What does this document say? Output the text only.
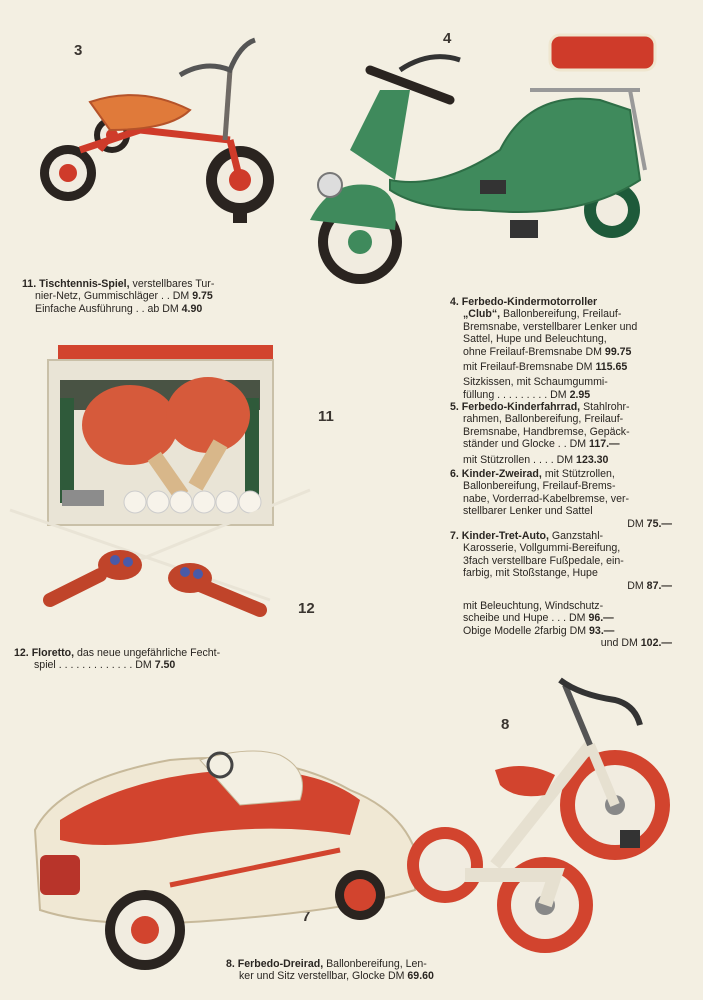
3
4
11
12
8
7
11. Tischtennis-Spiel, verstellbares Tur-
nier-Netz, Gummischläger . . DM 9.75
Einfache Ausführung . . ab DM 4.90
12. Floretto, das neue ungefährliche Fecht-
spiel . . . . . . . . . . . . . DM 7.50
4. Ferbedo-Kindermotorroller
„Club“, Ballonbereifung, Freilauf-
Bremsnabe, verstellbarer Lenker und
Sattel, Hupe und Beleuchtung,
ohne Freilauf-Bremsnabe DM 99.75
mit Freilauf-Bremsnabe DM 115.65
Sitzkissen, mit Schaumgummi-
füllung . . . . . . . . . DM 2.95
5. Ferbedo-Kinderfahrrad, Stahlrohr-
rahmen, Ballonbereifung, Freilauf-
Bremsnabe, Handbremse, Gepäck-
ständer und Glocke . . DM 117.—
mit Stützrollen . . . . DM 123.30
6. Kinder-Zweirad, mit Stützrollen,
Ballonbereifung, Freilauf-Brems-
nabe, Vorderrad-Kabelbremse, ver-
stellbarer Lenker und Sattel
DM 75.—
7. Kinder-Tret-Auto, Ganzstahl-
Karosserie, Vollgummi-Bereifung,
3fach verstellbare Fußpedale, ein-
farbig, mit Stoßstange, Hupe
DM 87.—
mit Beleuchtung, Windschutz-
scheibe und Hupe . . . DM 96.—
Obige Modelle 2farbig DM 93.—
und DM 102.—
8. Ferbedo-Dreirad, Ballonbereifung, Len-
ker und Sitz verstellbar, Glocke DM 69.60
